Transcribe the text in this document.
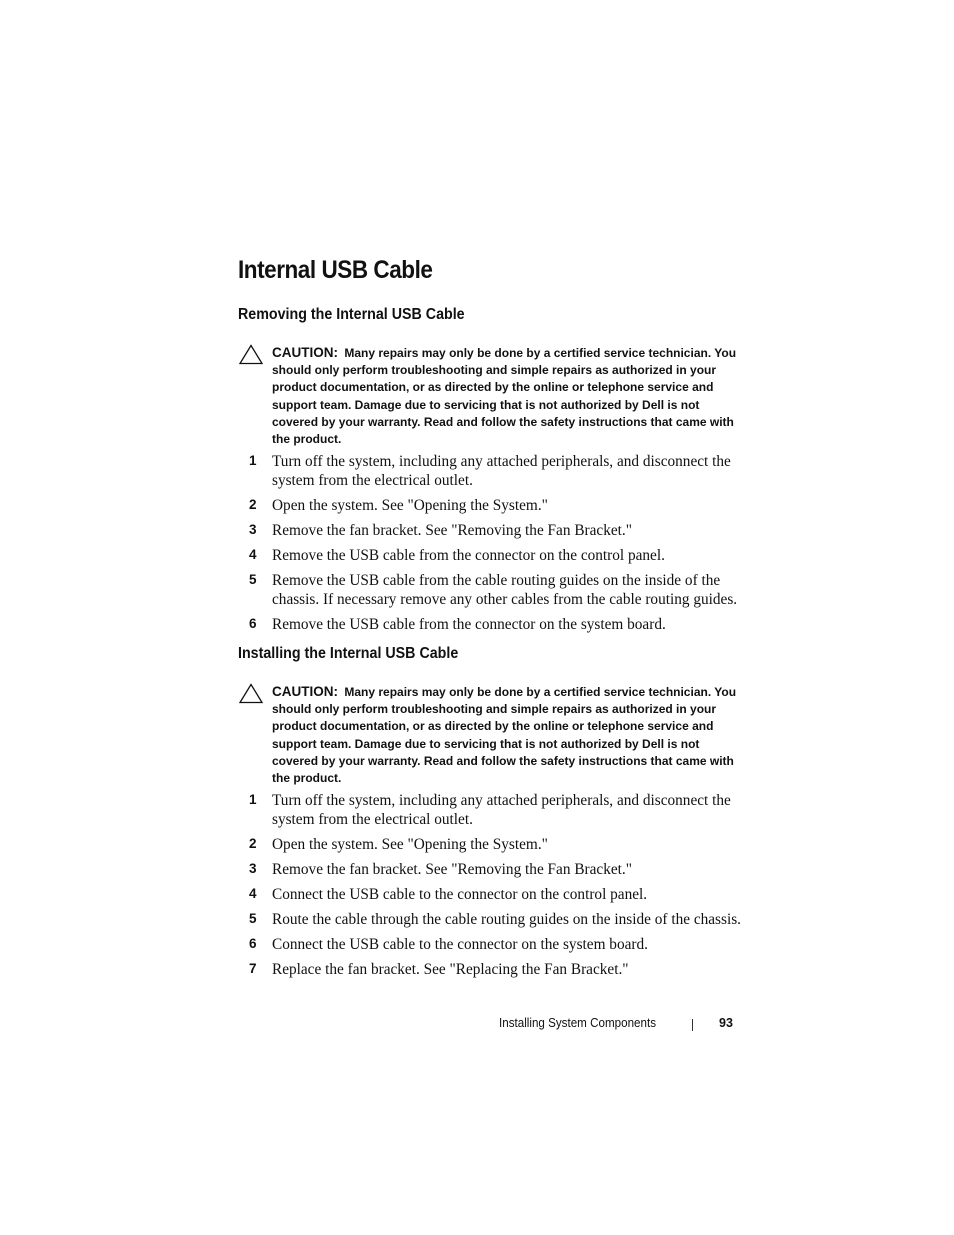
Internal USB Cable
Removing the Internal USB Cable
CAUTION: Many repairs may only be done by a certified service technician. You should only perform troubleshooting and simple repairs as authorized in your product documentation, or as directed by the online or telephone service and support team. Damage due to servicing that is not authorized by Dell is not covered by your warranty. Read and follow the safety instructions that came with the product.
1 Turn off the system, including any attached peripherals, and disconnect the system from the electrical outlet.
2 Open the system. See "Opening the System."
3 Remove the fan bracket. See "Removing the Fan Bracket."
4 Remove the USB cable from the connector on the control panel.
5 Remove the USB cable from the cable routing guides on the inside of the chassis. If necessary remove any other cables from the cable routing guides.
6 Remove the USB cable from the connector on the system board.
Installing the Internal USB Cable
CAUTION: Many repairs may only be done by a certified service technician. You should only perform troubleshooting and simple repairs as authorized in your product documentation, or as directed by the online or telephone service and support team. Damage due to servicing that is not authorized by Dell is not covered by your warranty. Read and follow the safety instructions that came with the product.
1 Turn off the system, including any attached peripherals, and disconnect the system from the electrical outlet.
2 Open the system. See "Opening the System."
3 Remove the fan bracket. See "Removing the Fan Bracket."
4 Connect the USB cable to the connector on the control panel.
5 Route the cable through the cable routing guides on the inside of the chassis.
6 Connect the USB cable to the connector on the system board.
7 Replace the fan bracket. See "Replacing the Fan Bracket."
Installing System Components	93
